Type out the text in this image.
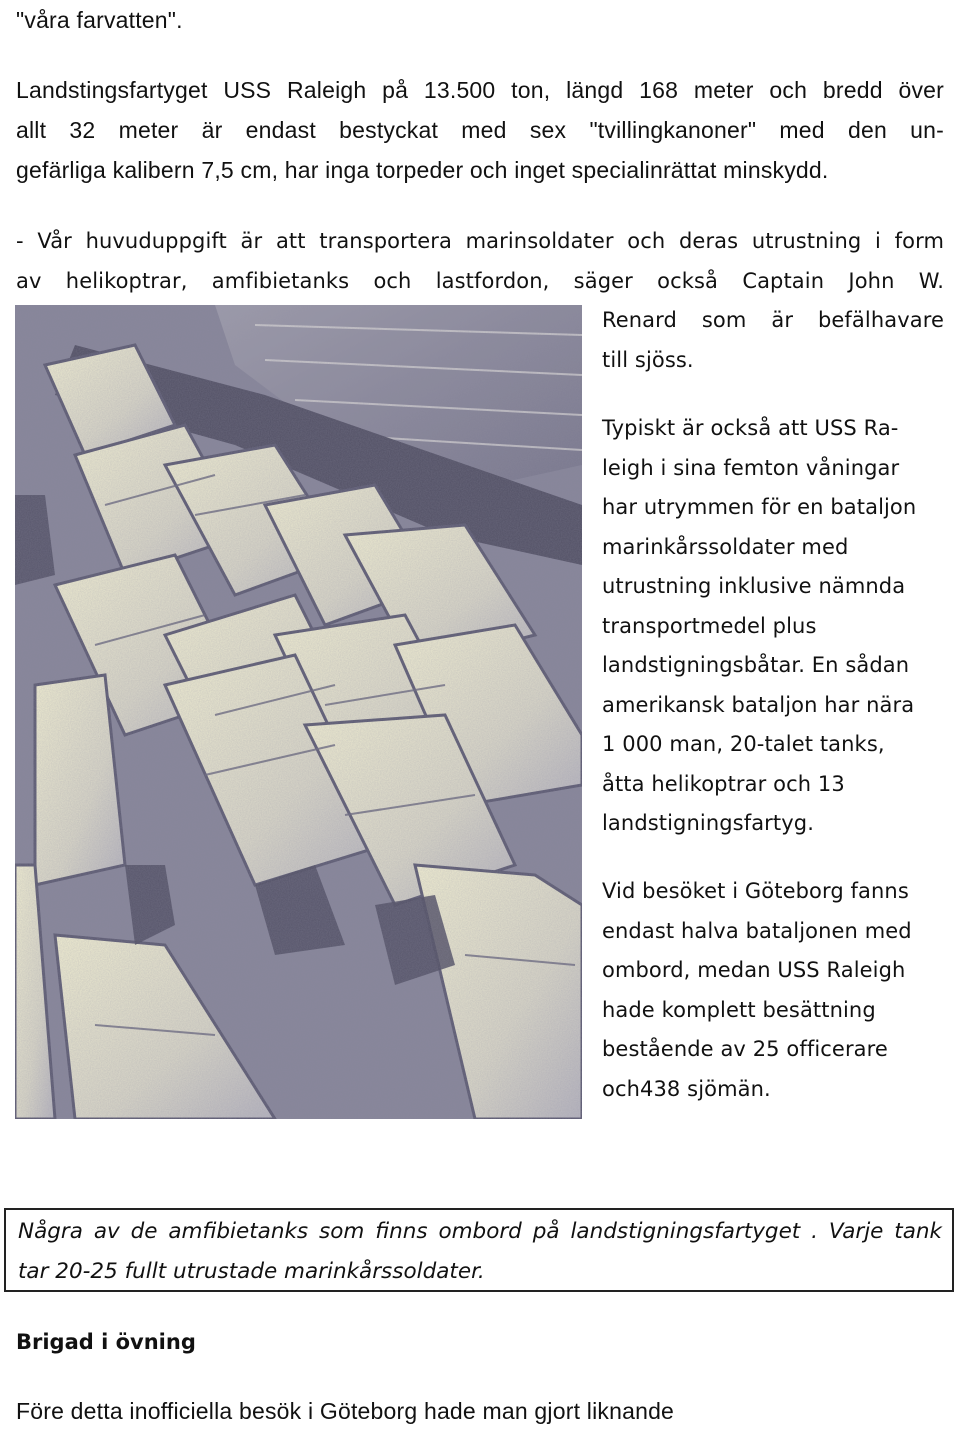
"våra farvatten".

Landstingsfartyget USS Raleigh på 13.500 ton, längd 168 meter och bredd över
allt 32 meter är endast bestyckat med sex "tvillingkanoner" med den un-
gefärliga kalibern 7,5 cm, har inga torpeder och inget specialinrättat minskydd.

- Vår huvuduppgift är att transportera marinsoldater och deras utrustning i form
av helikoptrar, amfibietanks och lastfordon, säger också Captain John W.

Renard som är befälhavare
till sjöss.

Typiskt är också att USS Ra-
leigh i sina femton våningar
har utrymmen för en bataljon
marinkårssoldater med
utrustning inklusive nämnda
transportmedel plus
landstigningsbåtar. En sådan
amerikansk bataljon har nära
1 000 man, 20-talet tanks,
åtta helikoptrar och 13
landstigningsfartyg.

Vid besöket i Göteborg fanns
endast halva bataljonen med
ombord, medan USS Raleigh
hade komplett besättning
bestående av 25 officerare
och438 sjömän.

Några av de amfibietanks som finns ombord på landstigningsfartyget . Varje tank
tar 20-25 fullt utrustade marinkårssoldater.

Brigad i övning

Före detta inofficiella besök i Göteborg hade man gjort liknande
